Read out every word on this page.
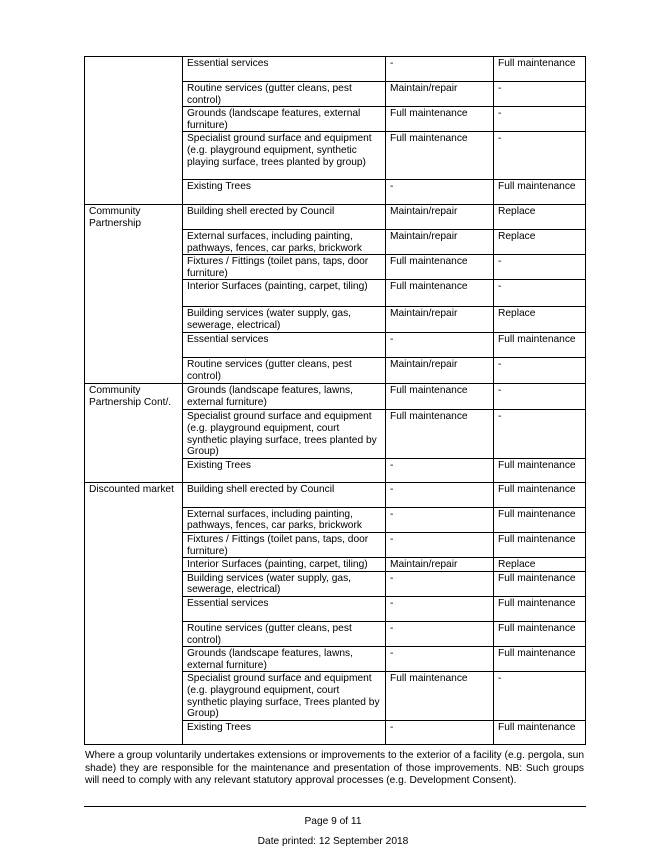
	Essential services	-	Full maintenance
	Routine services (gutter cleans, pest control)	Maintain/repair	-
	Grounds (landscape features, external furniture)	Full maintenance	-
	Specialist ground surface and equipment (e.g. playground equipment, synthetic playing surface, trees planted by group)	Full maintenance	-
	Existing Trees	-	Full maintenance
Community Partnership	Building shell erected by Council	Maintain/repair	Replace
	External surfaces, including painting, pathways, fences, car parks, brickwork	Maintain/repair	Replace
	Fixtures / Fittings (toilet pans, taps, door furniture)	Full maintenance	-
	Interior Surfaces (painting, carpet, tiling)	Full maintenance	-
	Building services (water supply, gas, sewerage, electrical)	Maintain/repair	Replace
	Essential services	-	Full maintenance
	Routine services (gutter cleans, pest control)	Maintain/repair	-
Community Partnership Cont/.	Grounds (landscape features, lawns, external furniture)	Full maintenance	-
	Specialist ground surface and equipment (e.g. playground equipment, court synthetic playing surface, trees planted by Group)	Full maintenance	-
	Existing Trees	-	Full maintenance
Discounted market	Building shell erected by Council	-	Full maintenance
	External surfaces, including painting, pathways, fences, car parks, brickwork	-	Full maintenance
	Fixtures / Fittings (toilet pans, taps, door furniture)	-	Full maintenance
	Interior Surfaces (painting, carpet, tiling)	Maintain/repair	Replace
	Building services (water supply, gas, sewerage, electrical)	-	Full maintenance
	Essential services	-	Full maintenance
	Routine services (gutter cleans, pest control)	-	Full maintenance
	Grounds (landscape features, lawns, external furniture)	-	Full maintenance
	Specialist ground surface and equipment (e.g. playground equipment, court synthetic playing surface, Trees planted by Group)	Full maintenance	-
	Existing Trees	-	Full maintenance

Where a group voluntarily undertakes extensions or improvements to the exterior of a facility (e.g. pergola, sun shade) they are responsible for the maintenance and presentation of those improvements. NB: Such groups will need to comply with any relevant statutory approval processes (e.g. Development Consent).

Page 9 of 11
Date printed: 12 September 2018
